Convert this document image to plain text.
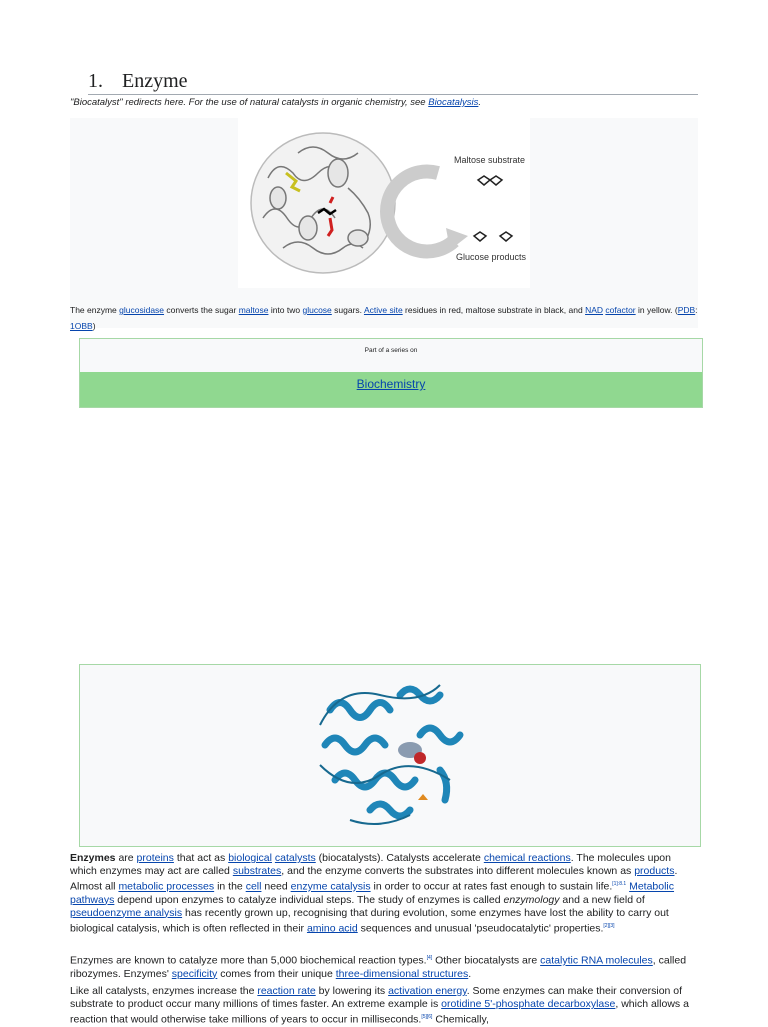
1. Enzyme
"Biocatalyst" redirects here. For the use of natural catalysts in organic chemistry, see Biocatalysis.
Maltose substrate
Glucose products
The enzyme glucosidase converts the sugar maltose into two glucose sugars. Active site residues in red, maltose substrate in black, and NAD cofactor in yellow. (PDB: 1OBB)
Part of a series on
Biochemistry

Enzymes are proteins that act as biological catalysts (biocatalysts). Catalysts accelerate chemical reactions. The molecules upon which enzymes may act are called substrates, and the enzyme converts the substrates into different molecules known as products. Almost all metabolic processes in the cell need enzyme catalysis in order to occur at rates fast enough to sustain life.$^{[1]:8.1}$ Metabolic pathways depend upon enzymes to catalyze individual steps. The study of enzymes is called enzymology and a new field of pseudoenzyme analysis has recently grown up, recognising that during evolution, some enzymes have lost the ability to carry out biological catalysis, which is often reflected in their amino acid sequences and unusual 'pseudocatalytic' properties.[2][3]

Enzymes are known to catalyze more than 5,000 biochemical reaction types.[4] Other biocatalysts are catalytic RNA molecules, called ribozymes. Enzymes' specificity comes from their unique three-dimensional structures.

Like all catalysts, enzymes increase the reaction rate by lowering its activation energy. Some enzymes can make their conversion of substrate to product occur many millions of times faster. An extreme example is orotidine 5'-phosphate decarboxylase, which allows a reaction that would otherwise take millions of years to occur in milliseconds.[5][6] Chemically,
